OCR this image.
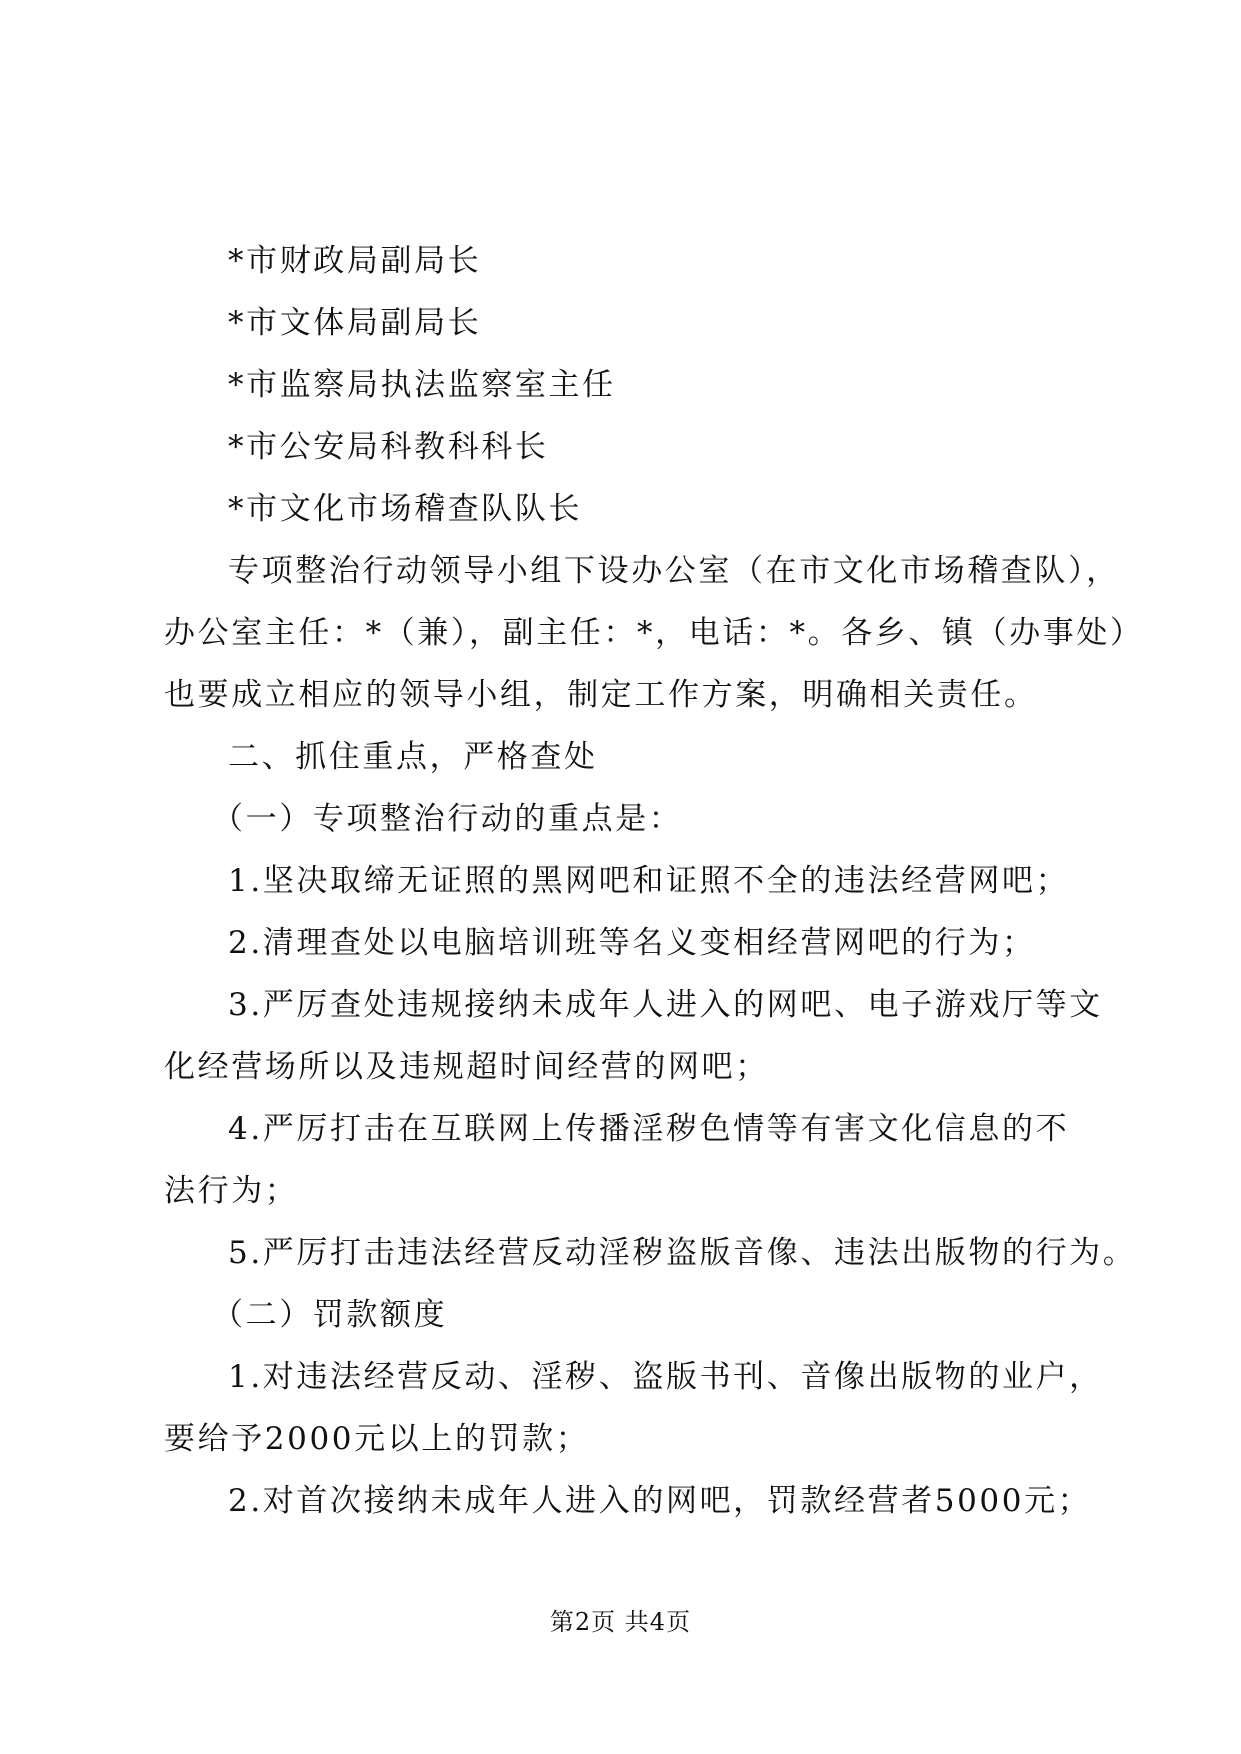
*市财政局副局长
*市文体局副局长
*市监察局执法监察室主任
*市公安局科教科科长
*市文化市场稽查队队长
专项整治行动领导小组下设办公室（在市文化市场稽查队），
办公室主任：*（兼），副主任：*，电话：*。各乡、镇（办事处）
也要成立相应的领导小组，制定工作方案，明确相关责任。
二、抓住重点，严格查处
（一）专项整治行动的重点是：
1.坚决取缔无证照的黑网吧和证照不全的违法经营网吧；
2.清理查处以电脑培训班等名义变相经营网吧的行为；
3.严厉查处违规接纳未成年人进入的网吧、电子游戏厅等文
化经营场所以及违规超时间经营的网吧；
4.严厉打击在互联网上传播淫秽色情等有害文化信息的不
法行为；
5.严厉打击违法经营反动淫秽盗版音像、违法出版物的行为。
（二）罚款额度
1.对违法经营反动、淫秽、盗版书刊、音像出版物的业户，
要给予2000元以上的罚款；
2.对首次接纳未成年人进入的网吧，罚款经营者5000元；
第2页 共4页
